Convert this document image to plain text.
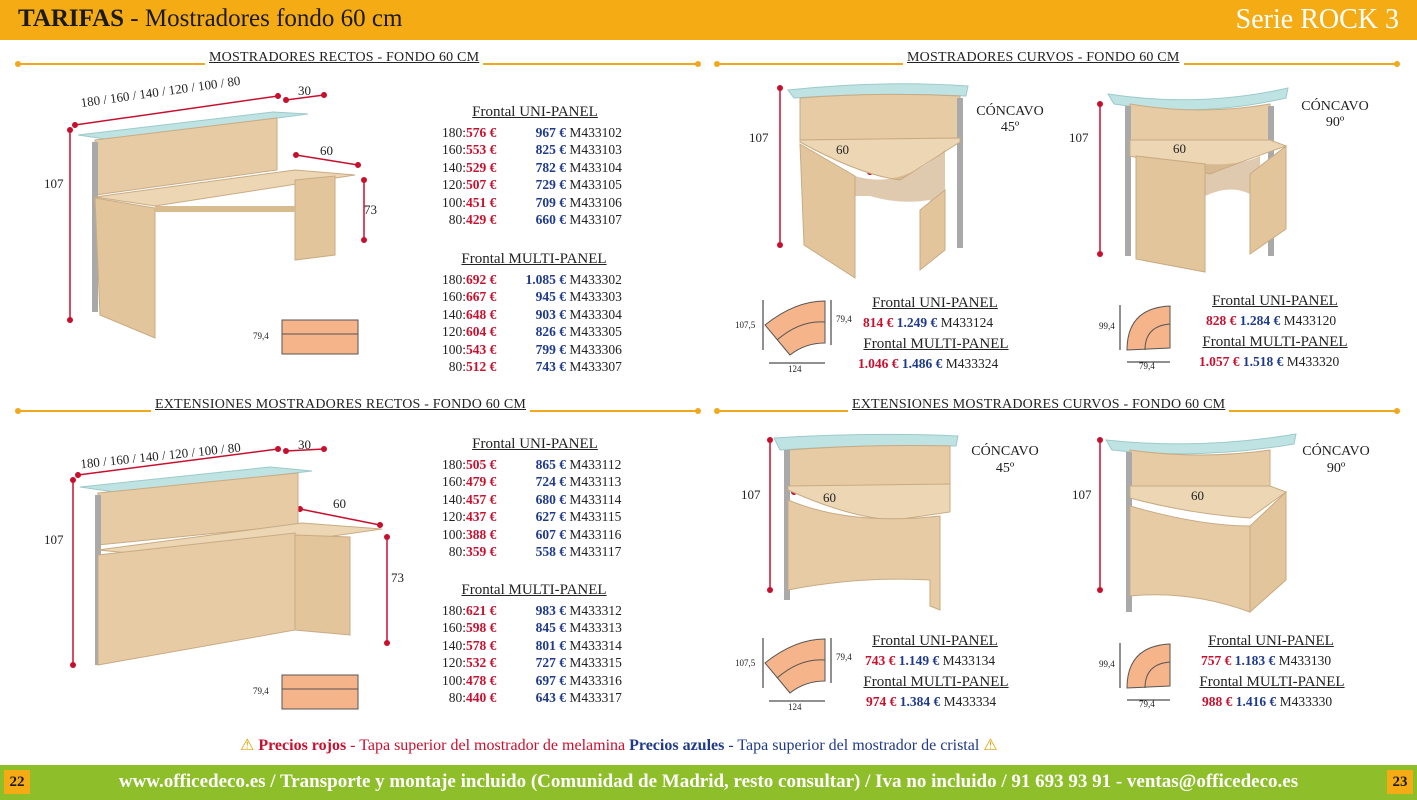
TARIFAS - Mostradores fondo 60 cm	Serie ROCK 3
MOSTRADORES RECTOS - FONDO 60 CM	MOSTRADORES CURVOS - FONDO 60 CM
EXTENSIONES MOSTRADORES RECTOS - FONDO 60 CM	EXTENSIONES MOSTRADORES CURVOS - FONDO 60 CM
180 / 160 / 140 / 120 / 100 / 80	30
60
107
73
79,4
Frontal UNI-PANEL
180:576 €	967 € M433102
160:553 €	825 € M433103
140:529 €	782 € M433104
120:507 €	729 € M433105
100:451 €	709 € M433106
80:429 €	660 € M433107
Frontal MULTI-PANEL
180:692 € 1.085 € M433302
160:667 €	945 € M433303
140:648 €	903 € M433304
120:604 €	826 € M433305
100:543 €	799 € M433306
80:512 €	743 € M433307
180 / 160 / 140 / 120 / 100 / 80	30
60
107
73
79,4
Frontal UNI-PANEL
180:505 €	865 € M433112
160:479 €	724 € M433113
140:457 €	680 € M433114
120:437 €	627 € M433115
100:388 €	607 € M433116
80:359 €	558 € M433117
Frontal MULTI-PANEL
180:621 €	983 € M433312
160:598 €	845 € M433313
140:578 €	801 € M433314
120:532 €	727 € M433315
100:478 €	697 € M433316
80:440 €	643 € M433317
107
60
CÓNCAVO
45º
107,5
79,4
124
Frontal UNI-PANEL
814 € 1.249 € M433124
Frontal MULTI-PANEL
1.046 € 1.486 € M433324
107
60
CÓNCAVO
90º
99,4
79,4
Frontal UNI-PANEL
828 € 1.284 € M433120
Frontal MULTI-PANEL
1.057 € 1.518 € M433320
107	60
CÓNCAVO
45º
107,5
79,4
124
Frontal UNI-PANEL
743 € 1.149 € M433134
Frontal MULTI-PANEL
974 € 1.384 € M433334
107	60
CÓNCAVO
90º
99,4
79,4
Frontal UNI-PANEL
757 € 1.183 € M433130
Frontal MULTI-PANEL
988 € 1.416 € M433330
⚠ Precios rojos - Tapa superior del mostrador de melamina Precios azules - Tapa superior del mostrador de cristal ⚠
22	www.officedeco.es / Transporte y montaje incluido (Comunidad de Madrid, resto consultar) / Iva no incluido / 91 693 93 91 - ventas@officedeco.es	23
